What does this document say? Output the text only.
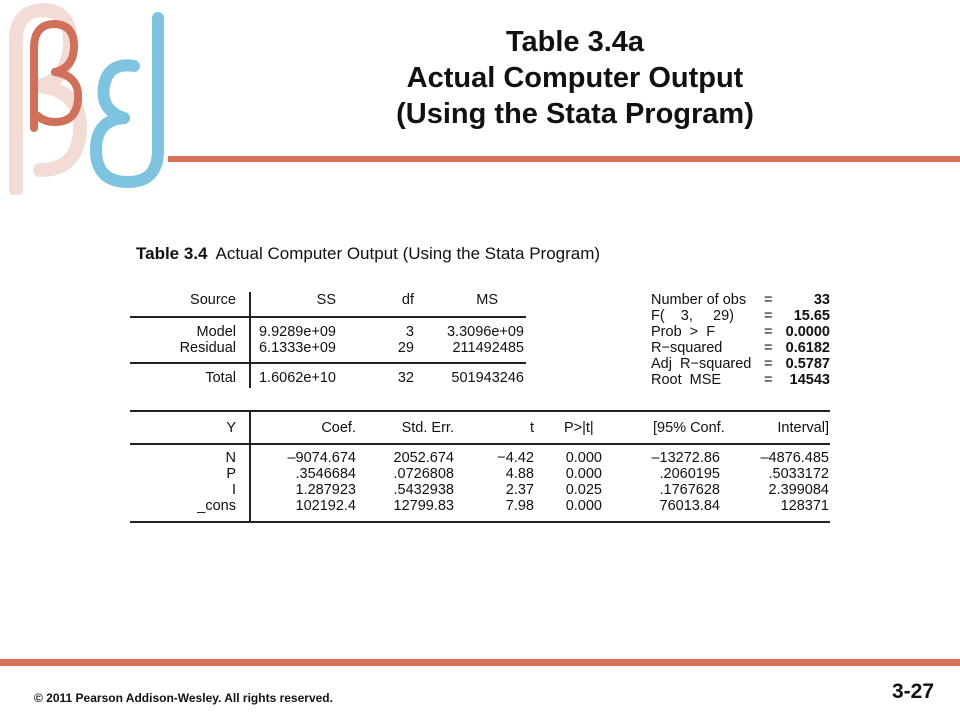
Table 3.4a
Actual Computer Output
(Using the Stata Program)
Table 3.4 Actual Computer Output (Using the Stata Program)
Source	SS	df	MS
Model	9.9289e+09	3	3.3096e+09
Residual	6.1333e+09	29	211492485
Total	1.6062e+10	32	501943246
Number of obs =	33
F(    3,     29) =	15.65
Prob  >  F	= 0.0000
R−squared	= 0.6182
Adj  R−squared = 0.5787
Root  MSE	=	14543
Y	Coef.	Std. Err.	t P>|t|	[95% Conf.	Interval]
N	–9074.674	2052.674	−4.42	0.000	–13272.86	–4876.485
P	.3546684	.0726808	4.88	0.000	.2060195	.5033172
I	1.287923	.5432938	2.37	0.025	.1767628	2.399084
_cons	102192.4	12799.83	7.98	0.000	76013.84	128371
© 2011 Pearson Addison-Wesley. All rights reserved.	3-27
